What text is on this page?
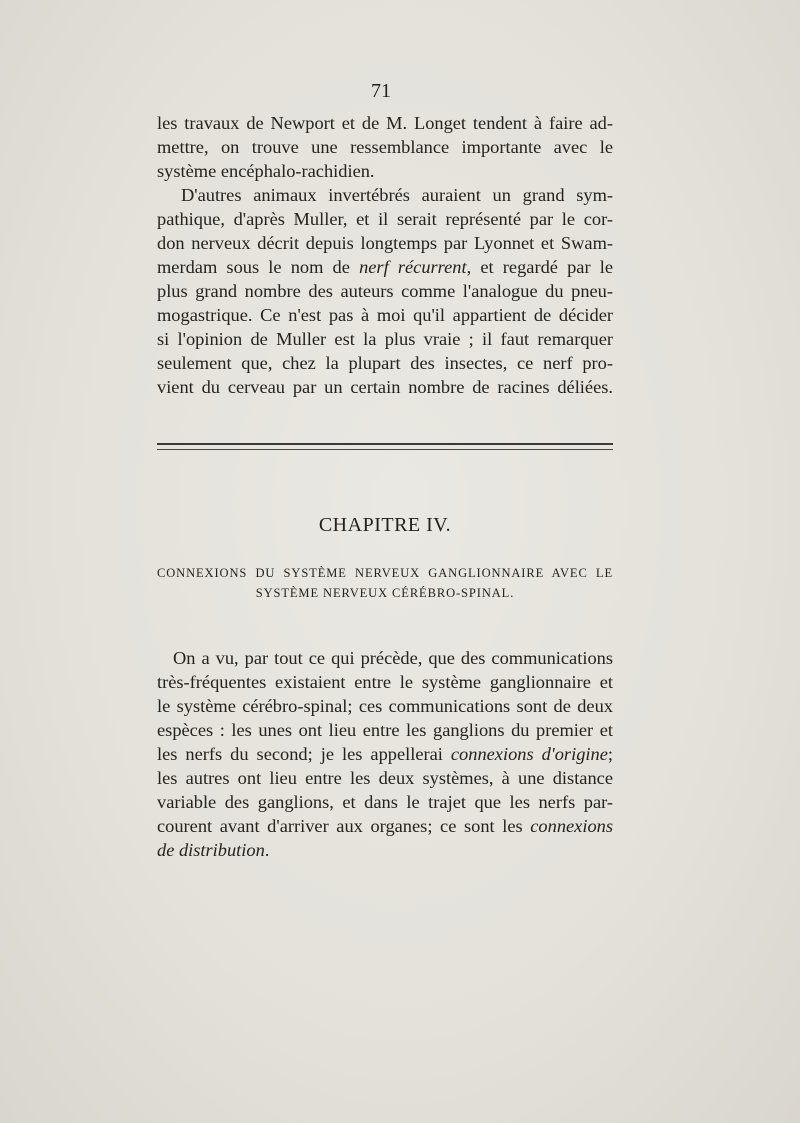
71
les travaux de Newport et de M. Longet tendent à faire ad-
mettre, on trouve une ressemblance importante avec le
système encéphalo-rachidien.
D'autres animaux invertébrés auraient un grand sym-
pathique, d'après Muller, et il serait représenté par le cor-
don nerveux décrit depuis longtemps par Lyonnet et Swam-
merdam sous le nom de nerf récurrent, et regardé par le
plus grand nombre des auteurs comme l'analogue du pneu-
mogastrique. Ce n'est pas à moi qu'il appartient de décider
si l'opinion de Muller est la plus vraie ; il faut remarquer
seulement que, chez la plupart des insectes, ce nerf pro-
vient du cerveau par un certain nombre de racines déliées.
CHAPITRE IV.
CONNEXIONS DU SYSTÈME NERVEUX GANGLIONNAIRE AVEC LE
SYSTÈME NERVEUX CÉRÉBRO-SPINAL.
On a vu, par tout ce qui précède, que des communications
très-fréquentes existaient entre le système ganglionnaire et
le système cérébro-spinal; ces communications sont de deux
espèces : les unes ont lieu entre les ganglions du premier et
les nerfs du second; je les appellerai connexions d'origine;
les autres ont lieu entre les deux systèmes, à une distance
variable des ganglions, et dans le trajet que les nerfs par-
courent avant d'arriver aux organes; ce sont les connexions
de distribution.
